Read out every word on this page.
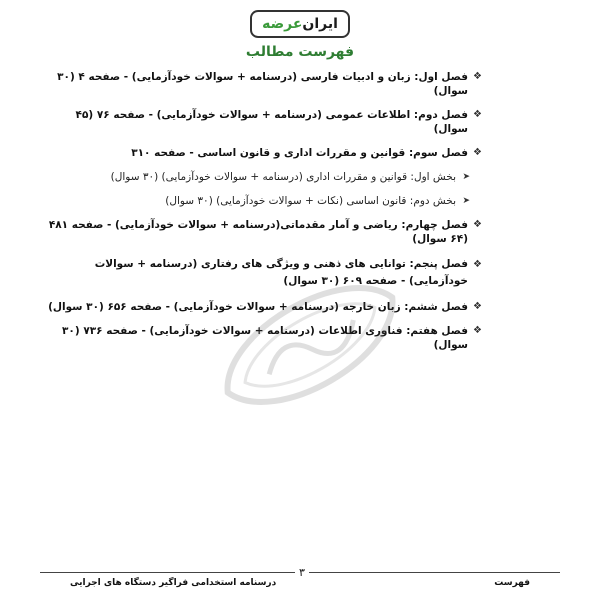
ایران
عرضه
فهرست مطالب
❖
فصل اول: زبان و ادبیات فارسی (درسنامه + سوالات خودآزمایی) - صفحه ۴ (۳۰ سوال)
❖
فصل دوم: اطلاعات عمومی (درسنامه + سوالات خودآزمایی) - صفحه ۷۶ (۴۵ سوال)
❖
فصل سوم: قوانین و مقررات اداری و قانون اساسی - صفحه ۳۱۰
➤
بخش اول: قوانین و مقررات اداری (درسنامه + سوالات خودآزمایی) (۳۰ سوال)
➤
بخش دوم: قانون اساسی (نکات + سوالات خودآزمایی) (۳۰ سوال)
❖
فصل چهارم: ریاضی و آمار مقدماتی(درسنامه + سوالات خودآزمایی) - صفحه ۴۸۱ (۶۴ سوال)
❖
فصل پنجم: توانایی های ذهنی و ویژگی های رفتاری (درسنامه + سوالات خودآزمایی) - صفحه ۶۰۹ (۳۰ سوال)
❖
فصل ششم: زبان خارجه (درسنامه + سوالات خودآزمایی) - صفحه ۶۵۶ (۳۰ سوال)
❖
فصل هفتم: فناوری اطلاعات (درسنامه + سوالات خودآزمایی) - صفحه ۷۳۶ (۳۰ سوال)
فهرست
۳
درسنامه استخدامی فراگیر دستگاه های اجرایی
